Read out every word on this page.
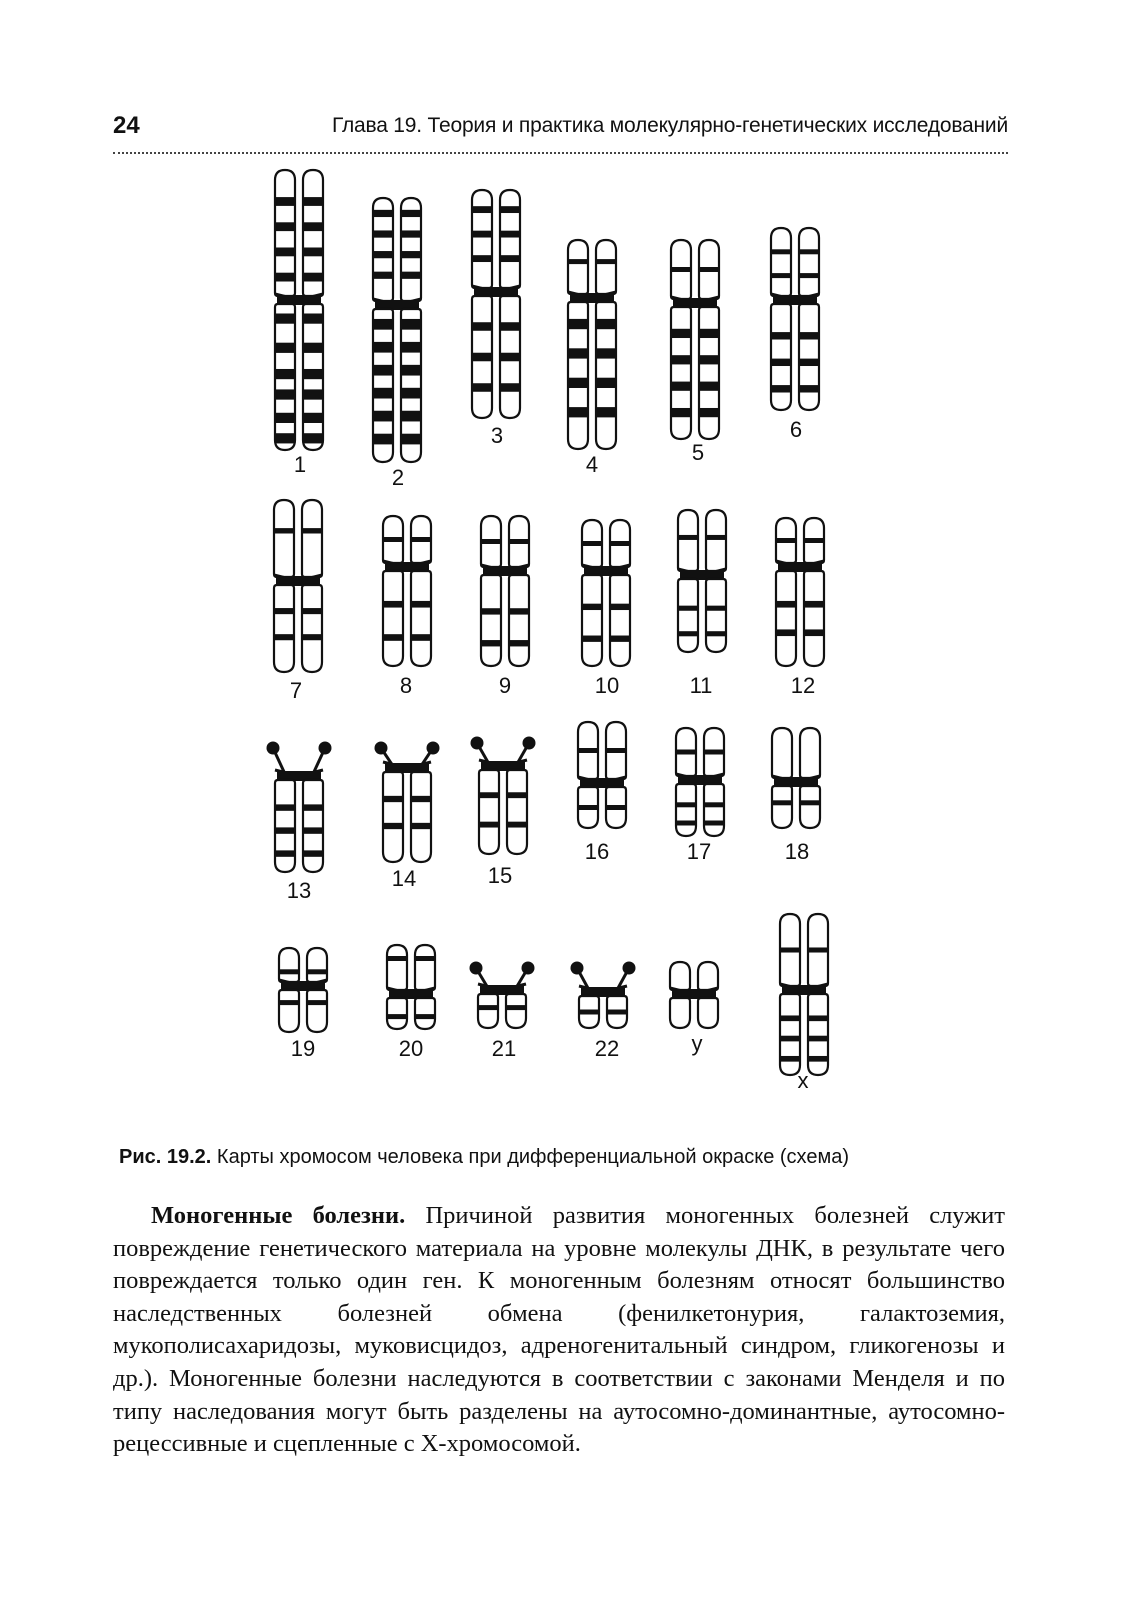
24	Глава 19. Теория и практика молекулярно-генетических исследований
1
2
3
4	5
6
7	8	9	10	11	12
13	14	15
16	17	18
19	20	21	22	у
x
Рис. 19.2. Карты хромосом человека при дифференциальной окраске (схема)

Моногенные болезни. Причиной развития моногенных болезней служит повреждение генетического материала на уровне молекулы ДНК, в результате чего повреждается только один ген. К моногенным болезням относят большинство наследственных болезней обмена (фенилкетонурия, галактоземия, мукополисахаридозы, муковисцидоз, адреногенитальный синдром, гликогенозы и др.). Моногенные болезни наследуются в соответствии с законами Менделя и по типу наследования могут быть разделены на аутосомно-доминантные, аутосомно-рецессивные и сцепленные с Х-хромосомой.
